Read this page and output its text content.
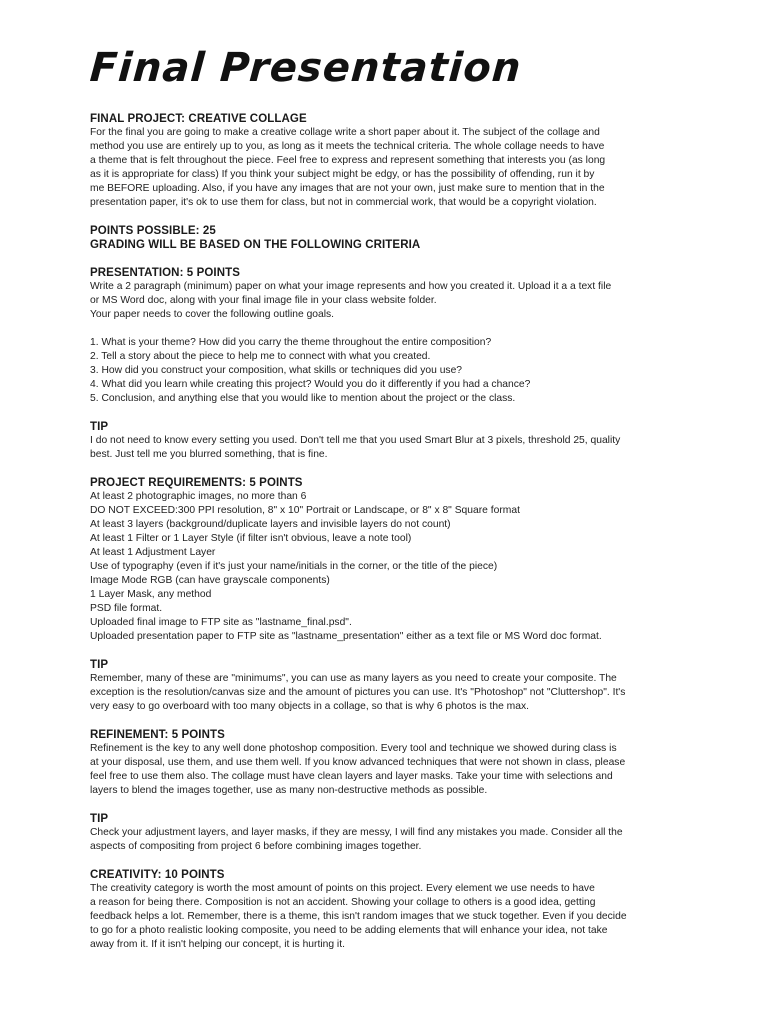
Final Presentation
FINAL PROJECT: CREATIVE COLLAGE

For the final you are going to make a creative collage write a short paper about it. The subject of the collage and

method you use are entirely up to you, as long as it meets the technical criteria. The whole collage needs to have

a theme that is felt throughout the piece. Feel free to express and represent something that interests you (as long

as it is appropriate for class) If you think your subject might be edgy, or has the possibility of offending, run it by

me BEFORE uploading. Also, if you have any images that are not your own, just make sure to mention that in the

presentation paper, it's ok to use them for class, but not in commercial work, that would be a copyright violation.

POINTS POSSIBLE: 25
GRADING WILL BE BASED ON THE FOLLOWING CRITERIA
PRESENTATION: 5 POINTS

Write a 2 paragraph (minimum) paper on what your image represents and how you created it. Upload it a a text file

or MS Word doc, along with your final image file in your class website folder.

Your paper needs to cover the following outline goals.

1. What is your theme? How did you carry the theme throughout the entire composition?

2. Tell a story about the piece to help me to connect with what you created.

3. How did you construct your composition, what skills or techniques did you use?

4. What did you learn while creating this project? Would you do it differently if you had a chance?

5. Conclusion, and anything else that you would like to mention about the project or the class.

TIP

I do not need to know every setting you used. Don't tell me that you used Smart Blur at 3 pixels, threshold 25, quality

best. Just tell me you blurred something, that is fine.

PROJECT REQUIREMENTS: 5 POINTS

At least 2 photographic images, no more than 6

DO NOT EXCEED:300 PPI resolution, 8" x 10" Portrait or Landscape, or 8" x 8" Square format

At least 3 layers (background/duplicate layers and invisible layers do not count)

At least 1 Filter or 1 Layer Style (if filter isn't obvious, leave a note tool)

At least 1 Adjustment Layer

Use of typography (even if it's just your name/initials in the corner, or the title of the piece)

Image Mode RGB (can have grayscale components)

1 Layer Mask, any method

PSD file format.

Uploaded final image to FTP site as "lastname_final.psd".

Uploaded presentation paper to FTP site as "lastname_presentation" either as a text file or MS Word doc format.

TIP

Remember, many of these are "minimums", you can use as many layers as you need to create your composite. The

exception is the resolution/canvas size and the amount of pictures you can use. It's "Photoshop" not "Cluttershop". It's

very easy to go overboard with too many objects in a collage, so that is why 6 photos is the max.

REFINEMENT: 5 POINTS

Refinement is the key to any well done photoshop composition. Every tool and technique we showed during class is

at your disposal, use them, and use them well. If you know advanced techniques that were not shown in class, please

feel free to use them also. The collage must have clean layers and layer masks. Take your time with selections and

layers to blend the images together, use as many non-destructive methods as possible.

TIP

Check your adjustment layers, and layer masks, if they are messy, I will find any mistakes you made. Consider all the

aspects of compositing from project 6 before combining images together.

CREATIVITY: 10 POINTS

The creativity category is worth the most amount of points on this project. Every element we use needs to have

a reason for being there. Composition is not an accident. Showing your collage to others is a good idea, getting

feedback helps a lot. Remember, there is a theme, this isn't random images that we stuck together. Even if you decide

to go for a photo realistic looking composite, you need to be adding elements that will enhance your idea, not take

away from it. If it isn't helping our concept, it is hurting it.
